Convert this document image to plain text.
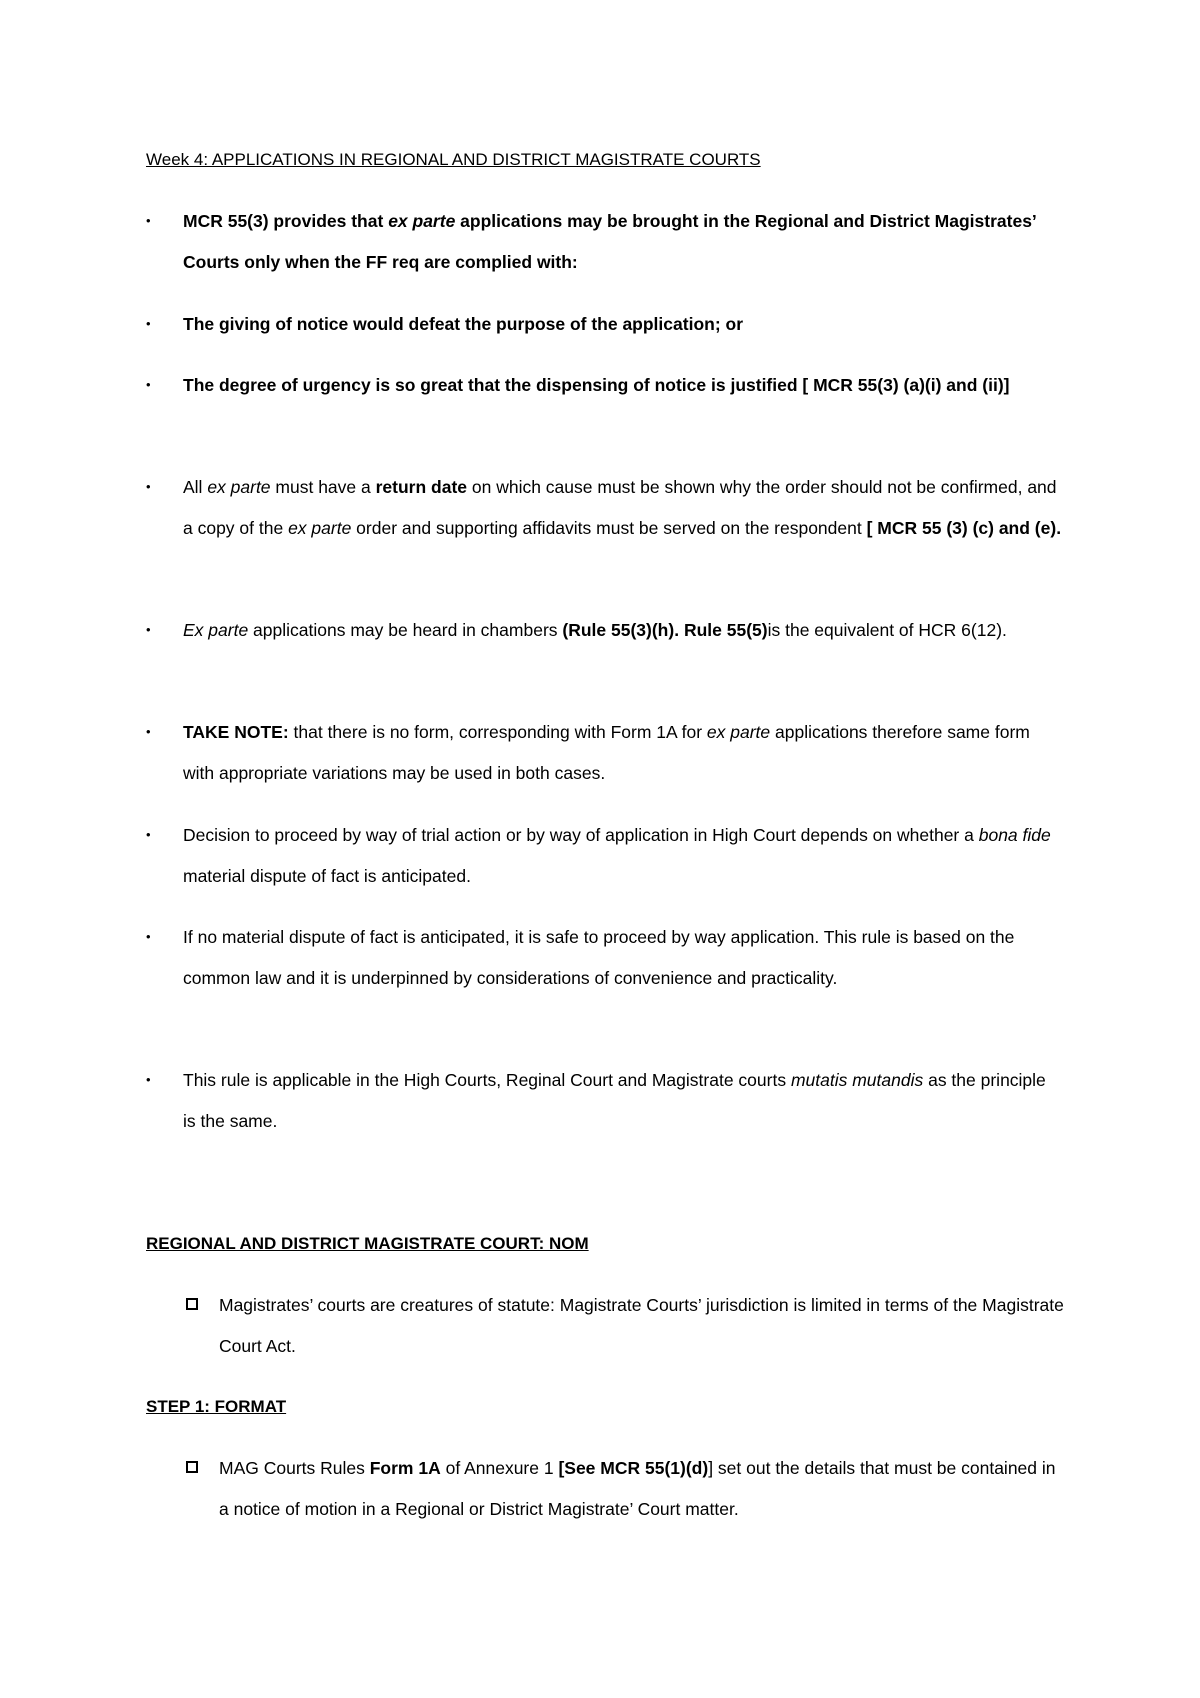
Week 4: APPLICATIONS IN REGIONAL AND DISTRICT MAGISTRATE COURTS
• MCR 55(3) provides that ex parte applications may be brought in the Regional and District Magistrates’ Courts only when the FF req are complied with:
• The giving of notice would defeat the purpose of the application; or
• The degree of urgency is so great that the dispensing of notice is justified [ MCR 55(3) (a)(i) and (ii)]
• All ex parte must have a return date on which cause must be shown why the order should not be confirmed, and a copy of the ex parte order and supporting affidavits must be served on the respondent [ MCR 55 (3) (c) and (e).
• Ex parte applications may be heard in chambers (Rule 55(3)(h). Rule 55(5)is the equivalent of HCR 6(12).
• TAKE NOTE: that there is no form, corresponding with Form 1A for ex parte applications therefore same form with appropriate variations may be used in both cases.
• Decision to proceed by way of trial action or by way of application in High Court depends on whether a bona fide material dispute of fact is anticipated.
• If no material dispute of fact is anticipated, it is safe to proceed by way application. This rule is based on the common law and it is underpinned by considerations of convenience and practicality.
• This rule is applicable in the High Courts, Reginal Court and Magistrate courts mutatis mutandis as the principle is the same.
REGIONAL AND DISTRICT MAGISTRATE COURT: NOM
Magistrates’ courts are creatures of statute: Magistrate Courts’ jurisdiction is limited in terms of the Magistrate Court Act.
STEP 1: FORMAT
MAG Courts Rules Form 1A of Annexure 1 [See MCR 55(1)(d)] set out the details that must be contained in a notice of motion in a Regional or District Magistrate’ Court matter.
